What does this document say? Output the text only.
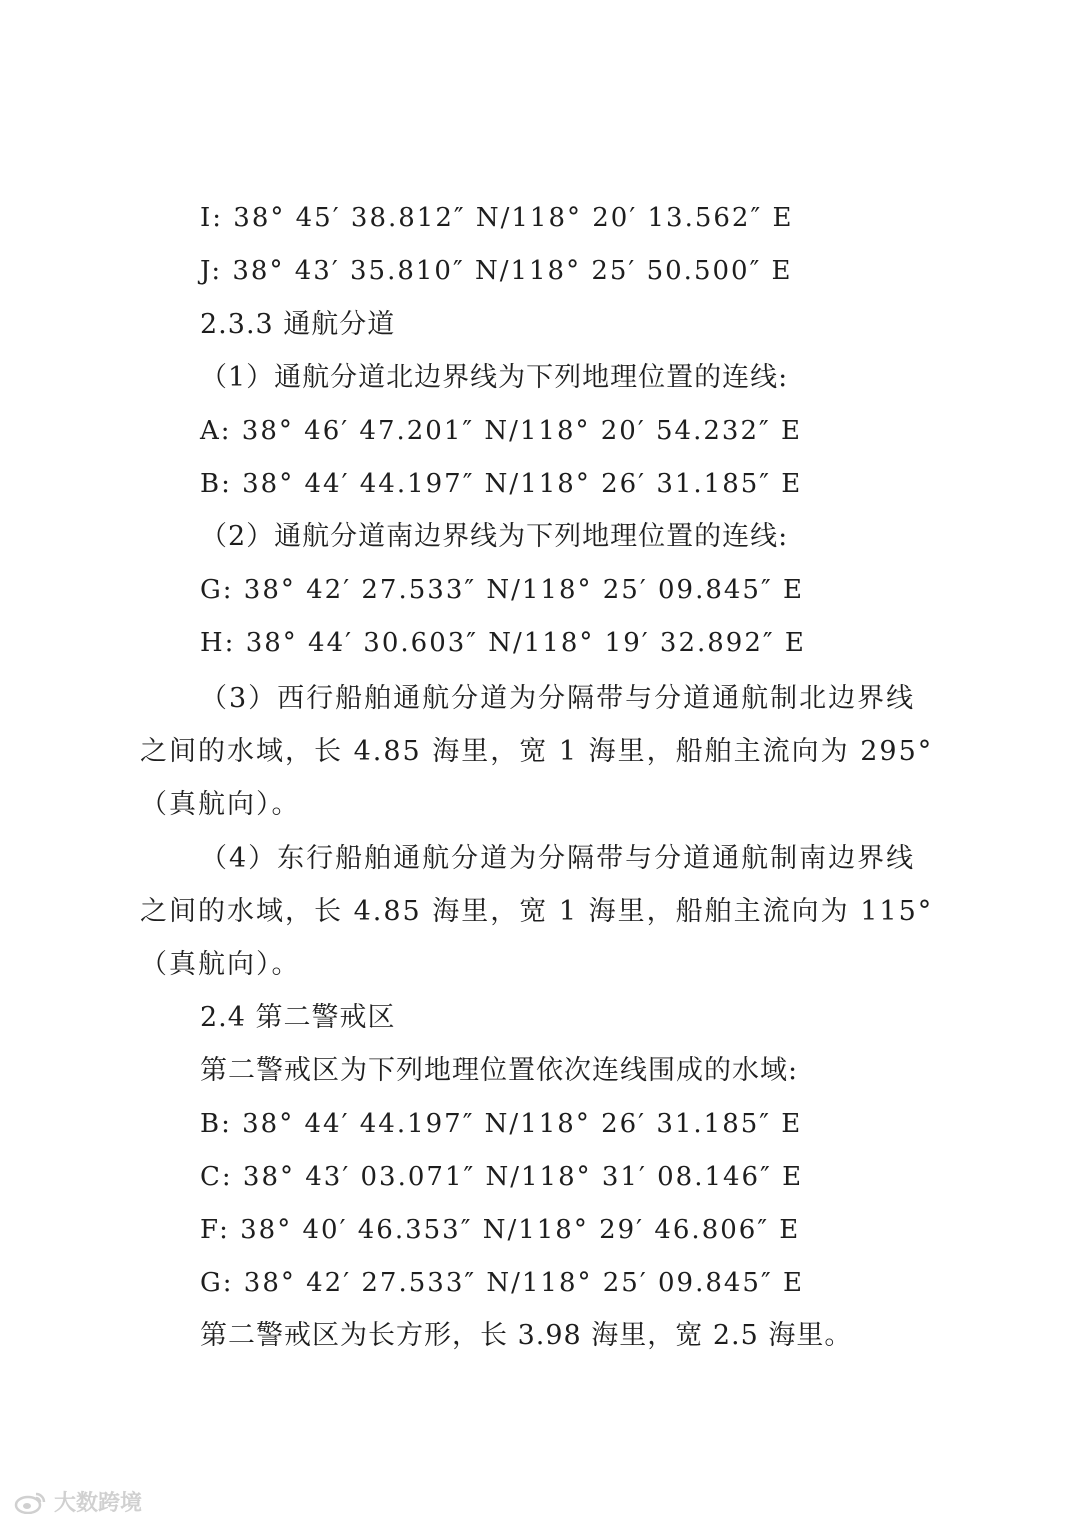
I: 38° 45′ 38.812″ N/118° 20′ 13.562″ E
J: 38° 43′ 35.810″ N/118° 25′ 50.500″ E
2.3.3 通航分道
（1）通航分道北边界线为下列地理位置的连线:
A: 38° 46′ 47.201″ N/118° 20′ 54.232″ E
B: 38° 44′ 44.197″ N/118° 26′ 31.185″ E
（2）通航分道南边界线为下列地理位置的连线:
G: 38° 42′ 27.533″ N/118° 25′ 09.845″ E
H: 38° 44′ 30.603″ N/118° 19′ 32.892″ E
（3）西行船舶通航分道为分隔带与分道通航制北边界线之间的水域，长 4.85 海里，宽 1 海里，船舶主流向为 295°（真航向）。
（4）东行船舶通航分道为分隔带与分道通航制南边界线之间的水域，长 4.85 海里，宽 1 海里，船舶主流向为 115°（真航向）。
2.4 第二警戒区
第二警戒区为下列地理位置依次连线围成的水域:
B: 38° 44′ 44.197″ N/118° 26′ 31.185″ E
C: 38° 43′ 03.071″ N/118° 31′ 08.146″ E
F: 38° 40′ 46.353″ N/118° 29′ 46.806″ E
G: 38° 42′ 27.533″ N/118° 25′ 09.845″ E
第二警戒区为长方形，长 3.98 海里，宽 2.5 海里。
大数跨境
